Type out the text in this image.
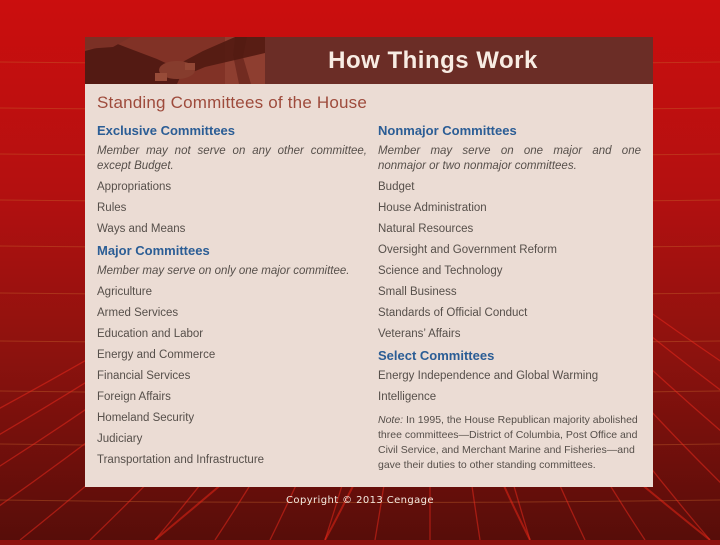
How Things Work
Standing Committees of the House
Exclusive Committees
Member may not serve on any other committee, except Budget.
Appropriations
Rules
Ways and Means
Major Committees
Member may serve on only one major committee.
Agriculture
Armed Services
Education and Labor
Energy and Commerce
Financial Services
Foreign Affairs
Homeland Security
Judiciary
Transportation and Infrastructure
Nonmajor Committees
Member may serve on one major and one nonmajor or two nonmajor committees.
Budget
House Administration
Natural Resources
Oversight and Government Reform
Science and Technology
Small Business
Standards of Official Conduct
Veterans’ Affairs
Select Committees
Energy Independence and Global Warming
Intelligence
Note: In 1995, the House Republican majority abolished three committees—District of Columbia, Post Office and Civil Service, and Merchant Marine and Fisheries—and gave their duties to other standing committees.
Copyright © 2013 Cengage
